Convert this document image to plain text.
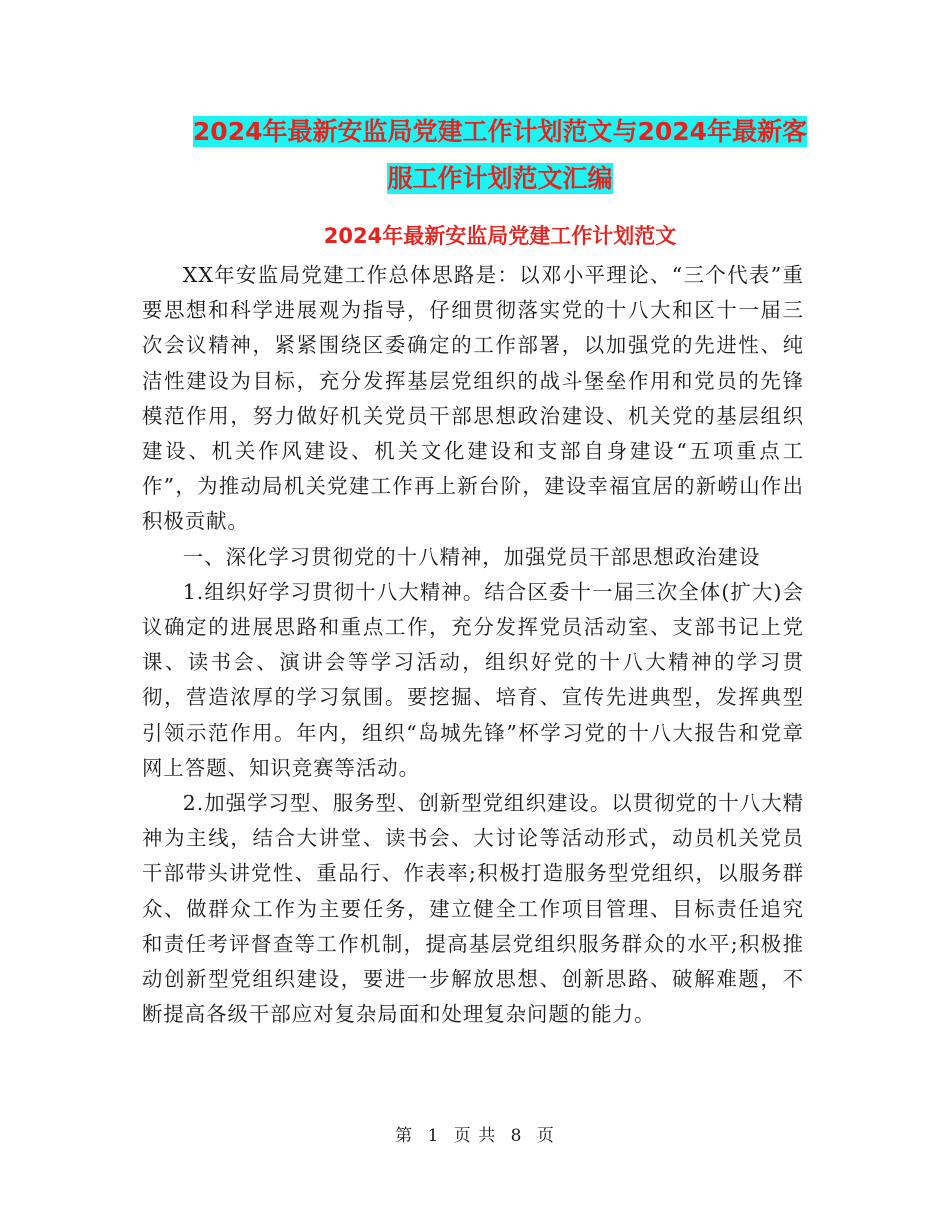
2024年最新安监局党建工作计划范文与2024年最新客
服工作计划范文汇编
2024年最新安监局党建工作计划范文

XX年安监局党建工作总体思路是：以邓小平理论、“三个代表”重要思想和科学进展观为指导，仔细贯彻落实党的十八大和区十一届三次会议精神，紧紧围绕区委确定的工作部署，以加强党的先进性、纯洁性建设为目标，充分发挥基层党组织的战斗堡垒作用和党员的先锋模范作用，努力做好机关党员干部思想政治建设、机关党的基层组织建设、机关作风建设、机关文化建设和支部自身建设“五项重点工作”，为推动局机关党建工作再上新台阶，建设幸福宜居的新崂山作出积极贡献。

一、深化学习贯彻党的十八精神，加强党员干部思想政治建设

1.组织好学习贯彻十八大精神。结合区委十一届三次全体(扩大)会议确定的进展思路和重点工作，充分发挥党员活动室、支部书记上党课、读书会、演讲会等学习活动，组织好党的十八大精神的学习贯彻，营造浓厚的学习氛围。要挖掘、培育、宣传先进典型，发挥典型引领示范作用。年内，组织“岛城先锋”杯学习党的十八大报告和党章网上答题、知识竞赛等活动。

2.加强学习型、服务型、创新型党组织建设。以贯彻党的十八大精神为主线，结合大讲堂、读书会、大讨论等活动形式，动员机关党员干部带头讲党性、重品行、作表率;积极打造服务型党组织，以服务群众、做群众工作为主要任务，建立健全工作项目管理、目标责任追究和责任考评督查等工作机制，提高基层党组织服务群众的水平;积极推动创新型党组织建设，要进一步解放思想、创新思路、破解难题，不断提高各级干部应对复杂局面和处理复杂问题的能力。

第 1 页 共 8 页
